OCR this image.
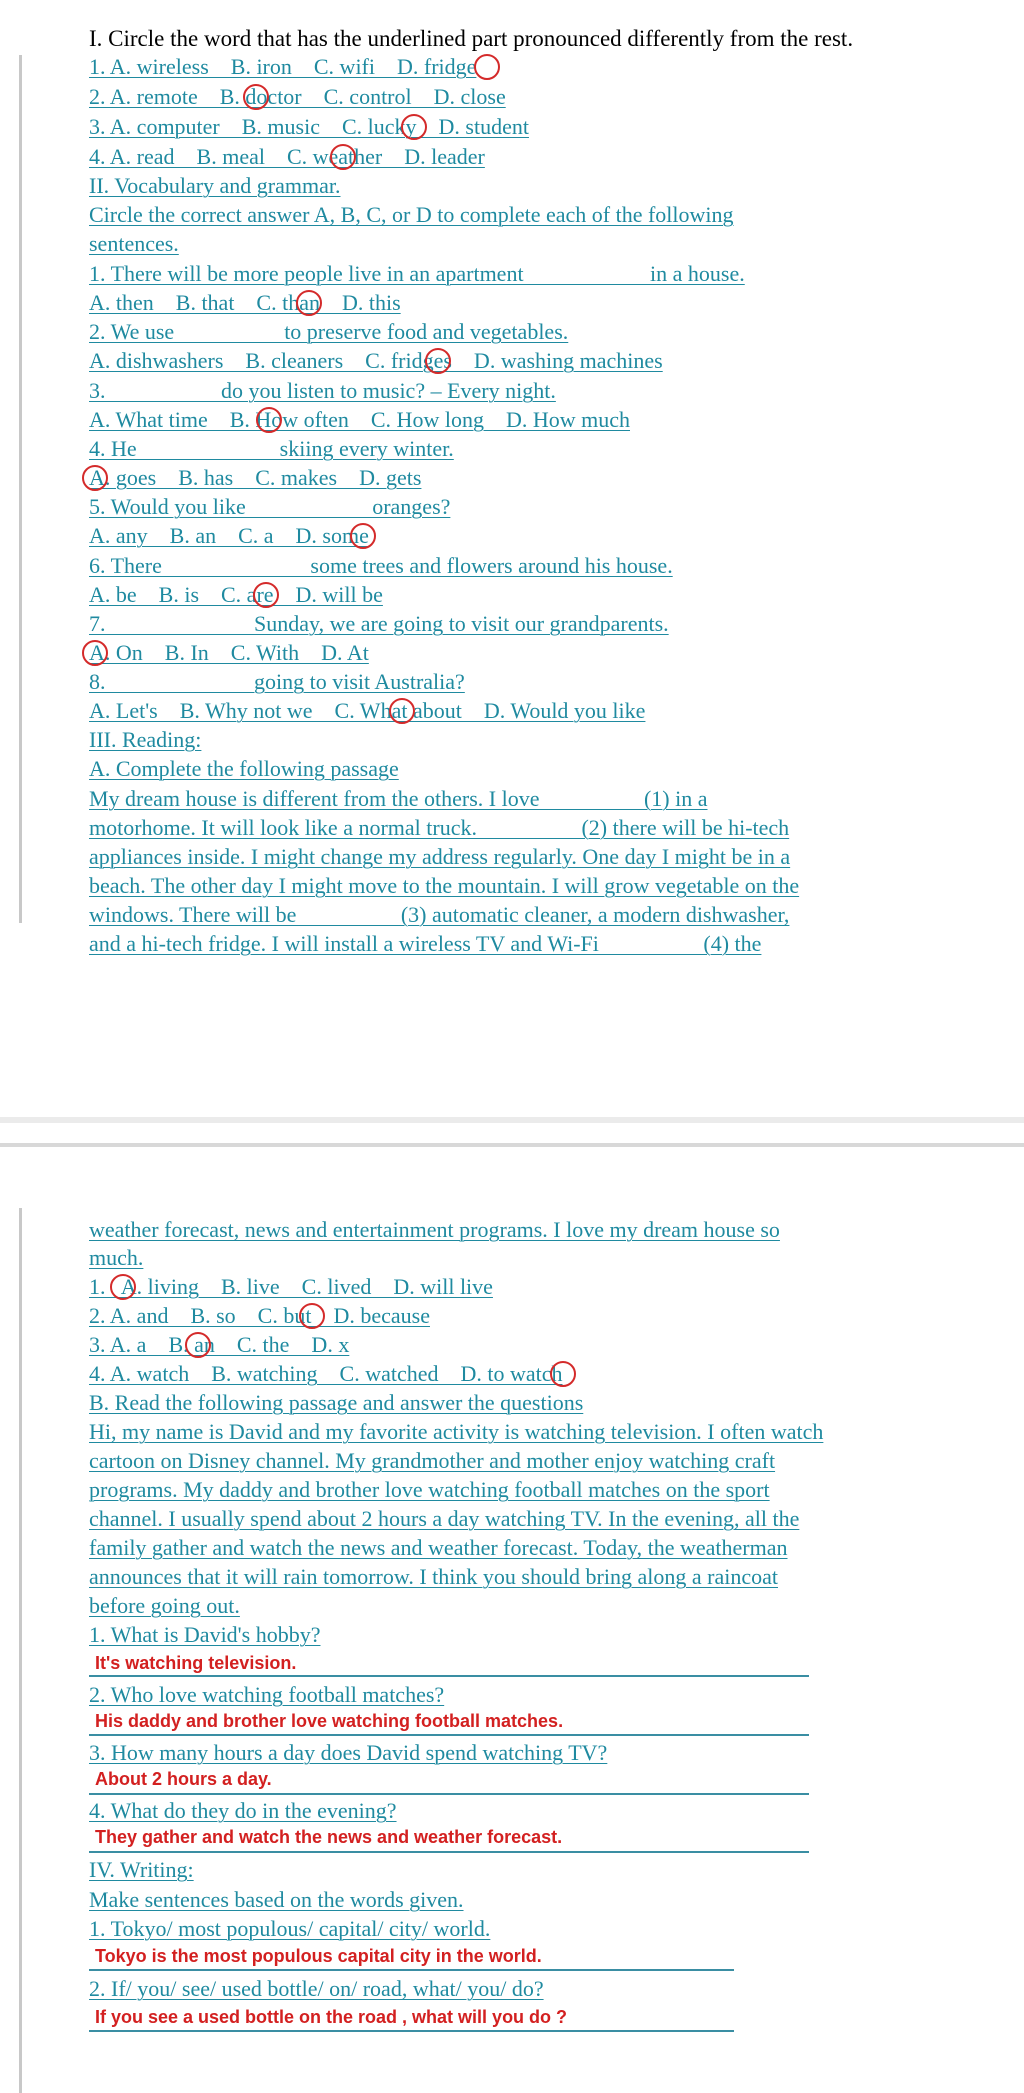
I. Circle the word that has the underlined part pronounced differently from the rest.
1. A. wireless    B. iron    C. wifi    D. fridge
2. A. remote    B. doctor    C. control    D. close
3. A. computer    B. music    C. lucky    D. student
4. A. read    B. meal    C. weather    D. leader
II. Vocabulary and grammar.
Circle the correct answer A, B, C, or D to complete each of the following
sentences.
1. There will be more people live in an apartment                       in a house.
A. then    B. that    C. than    D. this
2. We use                    to preserve food and vegetables.
A. dishwashers    B. cleaners    C. fridges    D. washing machines
3.                     do you listen to music? – Every night.
A. What time    B. How often    C. How long    D. How much
4. He                          skiing every winter.
A. goes    B. has    C. makes    D. gets
5. Would you like                       oranges?
A. any    B. an    C. a    D. some
6. There                           some trees and flowers around his house.
A. be    B. is    C. are    D. will be
7.                           Sunday, we are going to visit our grandparents.
A. On    B. In    C. With    D. At
8.                           going to visit Australia?
A. Let's    B. Why not we    C. What about    D. Would you like
III. Reading:
A. Complete the following passage
My dream house is different from the others. I love                   (1) in a
motorhome. It will look like a normal truck.                   (2) there will be hi-tech
appliances inside. I might change my address regularly. One day I might be in a
beach. The other day I might move to the mountain. I will grow vegetable on the
windows. There will be                   (3) automatic cleaner, a modern dishwasher,
and a hi-tech fridge. I will install a wireless TV and Wi-Fi                   (4) the
weather forecast, news and entertainment programs. I love my dream house so
much.
1.   A. living    B. live    C. lived    D. will live
2. A. and    B. so    C. but    D. because
3. A. a    B. an    C. the    D. x
4. A. watch    B. watching    C. watched    D. to watch
B. Read the following passage and answer the questions
Hi, my name is David and my favorite activity is watching television. I often watch
cartoon on Disney channel. My grandmother and mother enjoy watching craft
programs. My daddy and brother love watching football matches on the sport
channel. I usually spend about 2 hours a day watching TV. In the evening, all the
family gather and watch the news and weather forecast. Today, the weatherman
announces that it will rain tomorrow. I think you should bring along a raincoat
before going out.
1. What is David's hobby?
It's watching television.
2. Who love watching football matches?
His daddy and brother love watching football matches.
3. How many hours a day does David spend watching TV?
About 2 hours a day.
4. What do they do in the evening?
They gather and watch the news and weather forecast.
IV. Writing:
Make sentences based on the words given.
1. Tokyo/ most populous/ capital/ city/ world.
Tokyo is the most populous capital city in the world.
2. If/ you/ see/ used bottle/ on/ road, what/ you/ do?
If you see a used bottle on the road , what will you do ?
